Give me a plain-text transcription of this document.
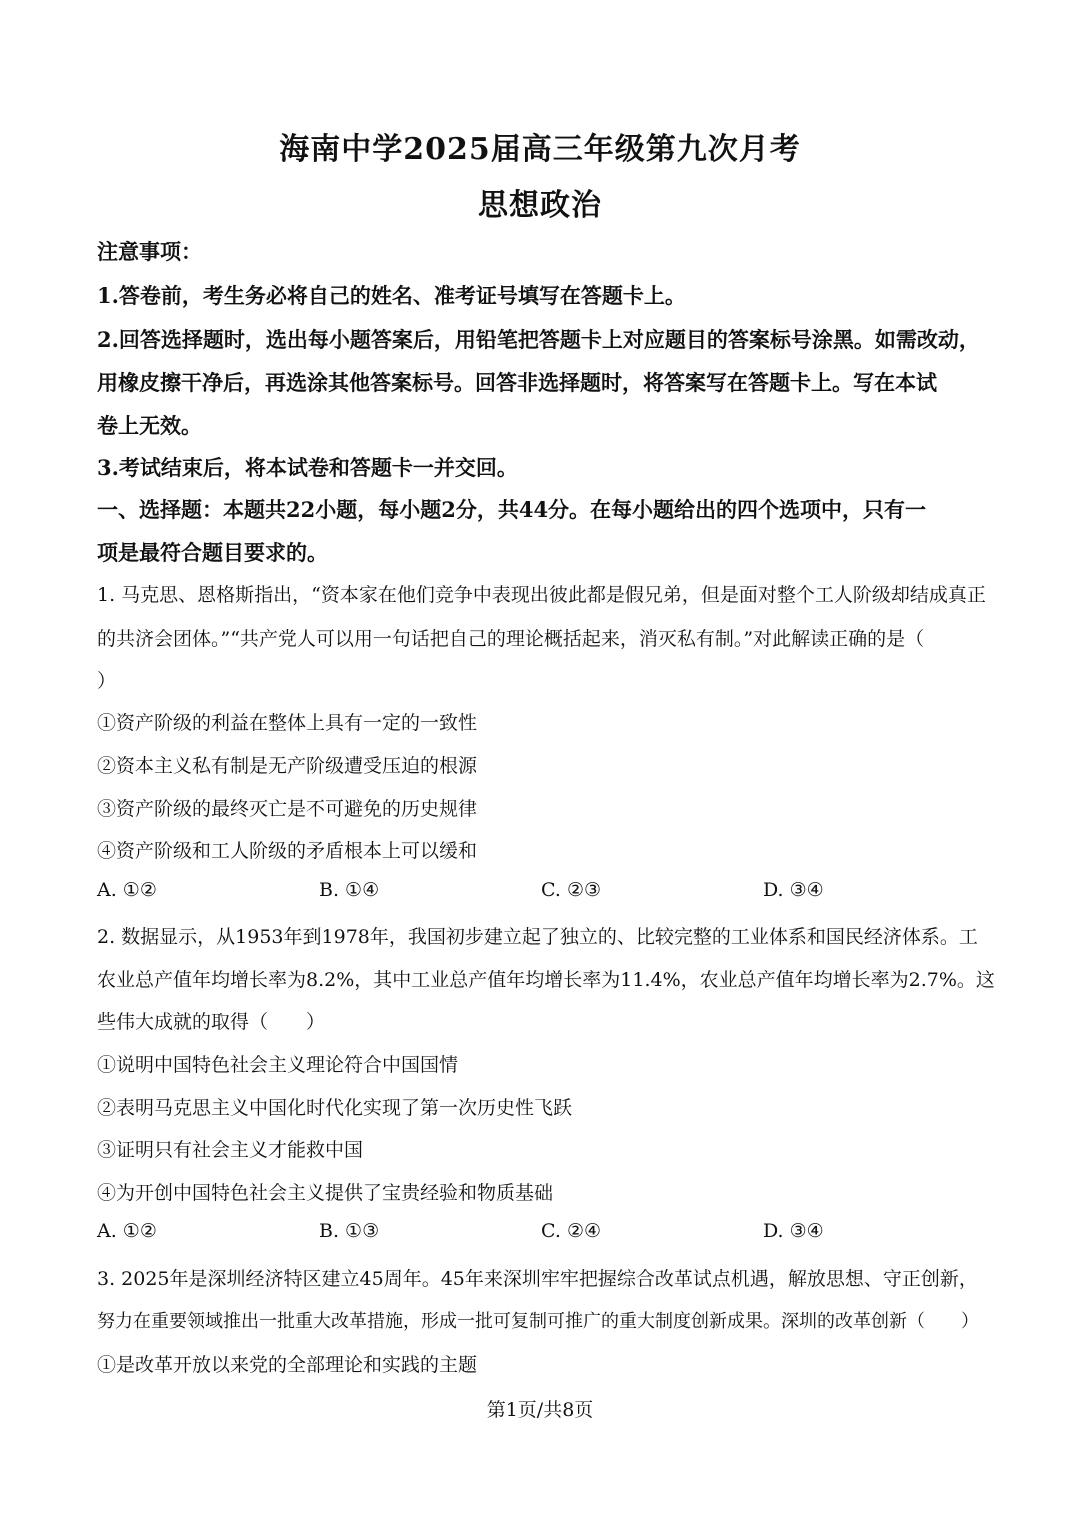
海南中学2025届高三年级第九次月考
思想政治
注意事项：
1.答卷前，考生务必将自己的姓名、准考证号填写在答题卡上。
2.回答选择题时，选出每小题答案后，用铅笔把答题卡上对应题目的答案标号涂黑。如需改动，
用橡皮擦干净后，再选涂其他答案标号。回答非选择题时，将答案写在答题卡上。写在本试
卷上无效。
3.考试结束后，将本试卷和答题卡一并交回。
一、选择题：本题共22小题，每小题2分，共44分。在每小题给出的四个选项中，只有一
项是最符合题目要求的。
1. 马克思、恩格斯指出，“资本家在他们竞争中表现出彼此都是假兄弟，但是面对整个工人阶级却结成真正
的共济会团体。”“共产党人可以用一句话把自己的理论概括起来，消灭私有制。”对此解读正确的是（
）
①资产阶级的利益在整体上具有一定的一致性
②资本主义私有制是无产阶级遭受压迫的根源
③资产阶级的最终灭亡是不可避免的历史规律
④资产阶级和工人阶级的矛盾根本上可以缓和
A. ①②	B. ①④	C. ②③	D. ③④
2. 数据显示，从1953年到1978年，我国初步建立起了独立的、比较完整的工业体系和国民经济体系。工
农业总产值年均增长率为8.2%，其中工业总产值年均增长率为11.4%，农业总产值年均增长率为2.7%。这
些伟大成就的取得（　　）
①说明中国特色社会主义理论符合中国国情
②表明马克思主义中国化时代化实现了第一次历史性飞跃
③证明只有社会主义才能救中国
④为开创中国特色社会主义提供了宝贵经验和物质基础
A. ①②	B. ①③	C. ②④	D. ③④
3. 2025年是深圳经济特区建立45周年。45年来深圳牢牢把握综合改革试点机遇，解放思想、守正创新，
努力在重要领域推出一批重大改革措施，形成一批可复制可推广的重大制度创新成果。深圳的改革创新（　　）
①是改革开放以来党的全部理论和实践的主题
第1页/共8页
